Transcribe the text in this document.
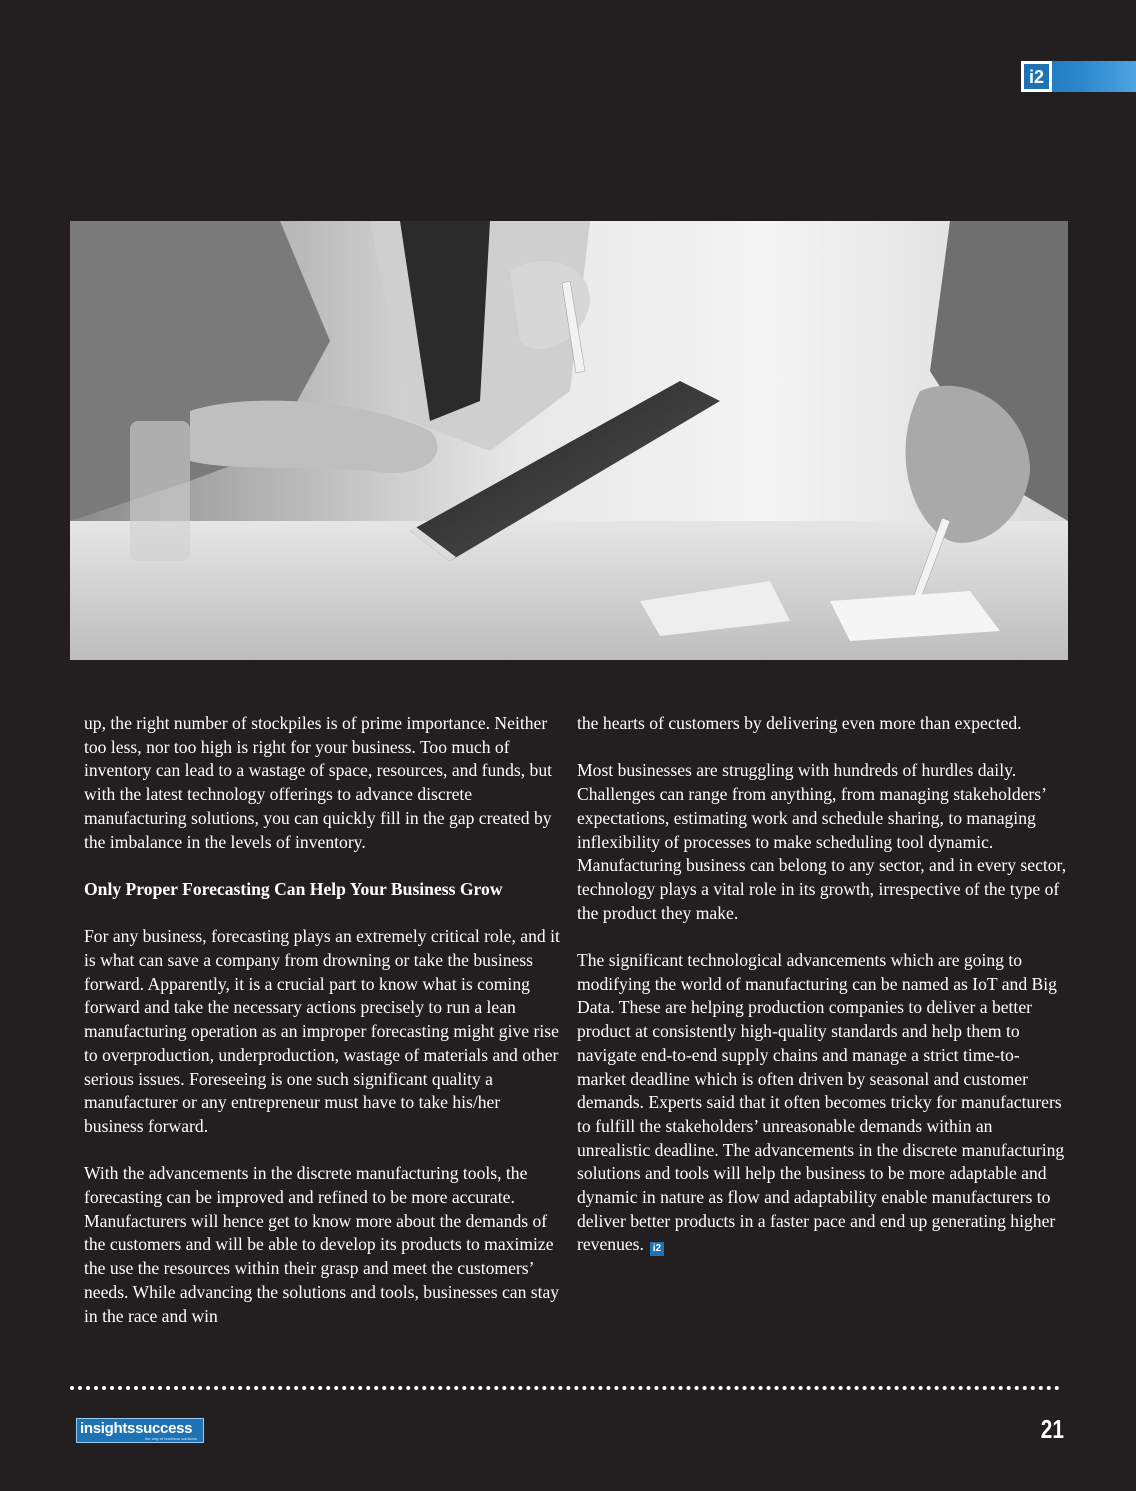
i2

up, the right number of stockpiles is of prime importance. Neither too less, nor too high is right for your business. Too much of inventory can lead to a wastage of space, resources, and funds, but with the latest technology offerings to advance discrete manufacturing solutions, you can quickly fill in the gap created by the imbalance in the levels of inventory.

Only Proper Forecasting Can Help Your Business Grow

For any business, forecasting plays an extremely critical role, and it is what can save a company from drowning or take the business forward. Apparently, it is a crucial part to know what is coming forward and take the necessary actions precisely to run a lean manufacturing operation as an improper forecasting might give rise to overproduction, underproduction, wastage of materials and other serious issues. Foreseeing is one such significant quality a manufacturer or any entrepreneur must have to take his/her business forward.

With the advancements in the discrete manufacturing tools, the forecasting can be improved and refined to be more accurate. Manufacturers will hence get to know more about the demands of the customers and will be able to develop its products to maximize the use the resources within their grasp and meet the customers’ needs. While advancing the solutions and tools, businesses can stay in the race and win

the hearts of customers by delivering even more than expected.

Most businesses are struggling with hundreds of hurdles daily. Challenges can range from anything, from managing stakeholders’ expectations, estimating work and schedule sharing, to managing inflexibility of processes to make scheduling tool dynamic. Manufacturing business can belong to any sector, and in every sector, technology plays a vital role in its growth, irrespective of the type of the product they make.

The significant technological advancements which are going to modifying the world of manufacturing can be named as IoT and Big Data. These are helping production companies to deliver a better product at consistently high-quality standards and help them to navigate end-to-end supply chains and manage a strict time-to-market deadline which is often driven by seasonal and customer demands. Experts said that it often becomes tricky for manufacturers to fulfill the stakeholders’ unreasonable demands within an unrealistic deadline. The advancements in the discrete manufacturing solutions and tools will help the business to be more adaptable and dynamic in nature as flow and adaptability enable manufacturers to deliver better products in a faster pace and end up generating higher revenues. i2

insightssuccess
the way of business solutions	21
